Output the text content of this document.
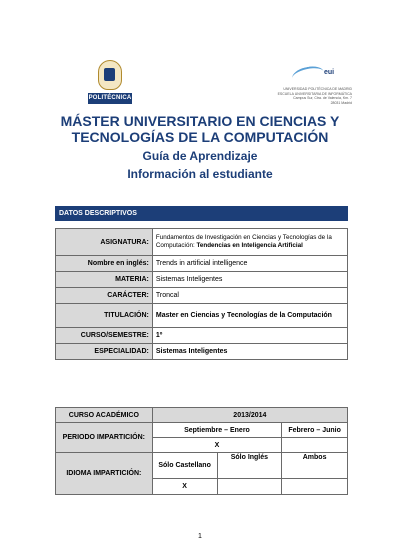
POLITÉCNICA
eui
UNIVERSIDAD POLITÉCNICA DE MADRID
ESCUELA UNIVERSITARIA DE INFORMÁTICA
Campus Sur, Ctra. de Valencia, Km. 7
28031 Madrid
MÁSTER UNIVERSITARIO EN CIENCIAS Y
TECNOLOGÍAS DE LA COMPUTACIÓN
Guía de Aprendizaje
Información al estudiante
DATOS DESCRIPTIVOS
ASIGNATURA:	Fundamentos de Investigación en Ciencias y Tecnologías de la Computación: Tendencias en Inteligencia Artificial
Nombre en inglés:	Trends in artificial intelligence
MATERIA:	Sistemas Inteligentes
CARÁCTER:	Troncal
TITULACIÓN:	Master en Ciencias y Tecnologías de la Computación
CURSO/SEMESTRE:	1º
ESPECIALIDAD:	Sistemas Inteligentes
CURSO ACADÉMICO	2013/2014		
PERIODO IMPARTICIÓN:	Septiembre – Enero		Febrero – Junio
	X		
IDIOMA IMPARTICIÓN:	Sólo Castellano	Sólo Inglés	Ambos
	X		
1
